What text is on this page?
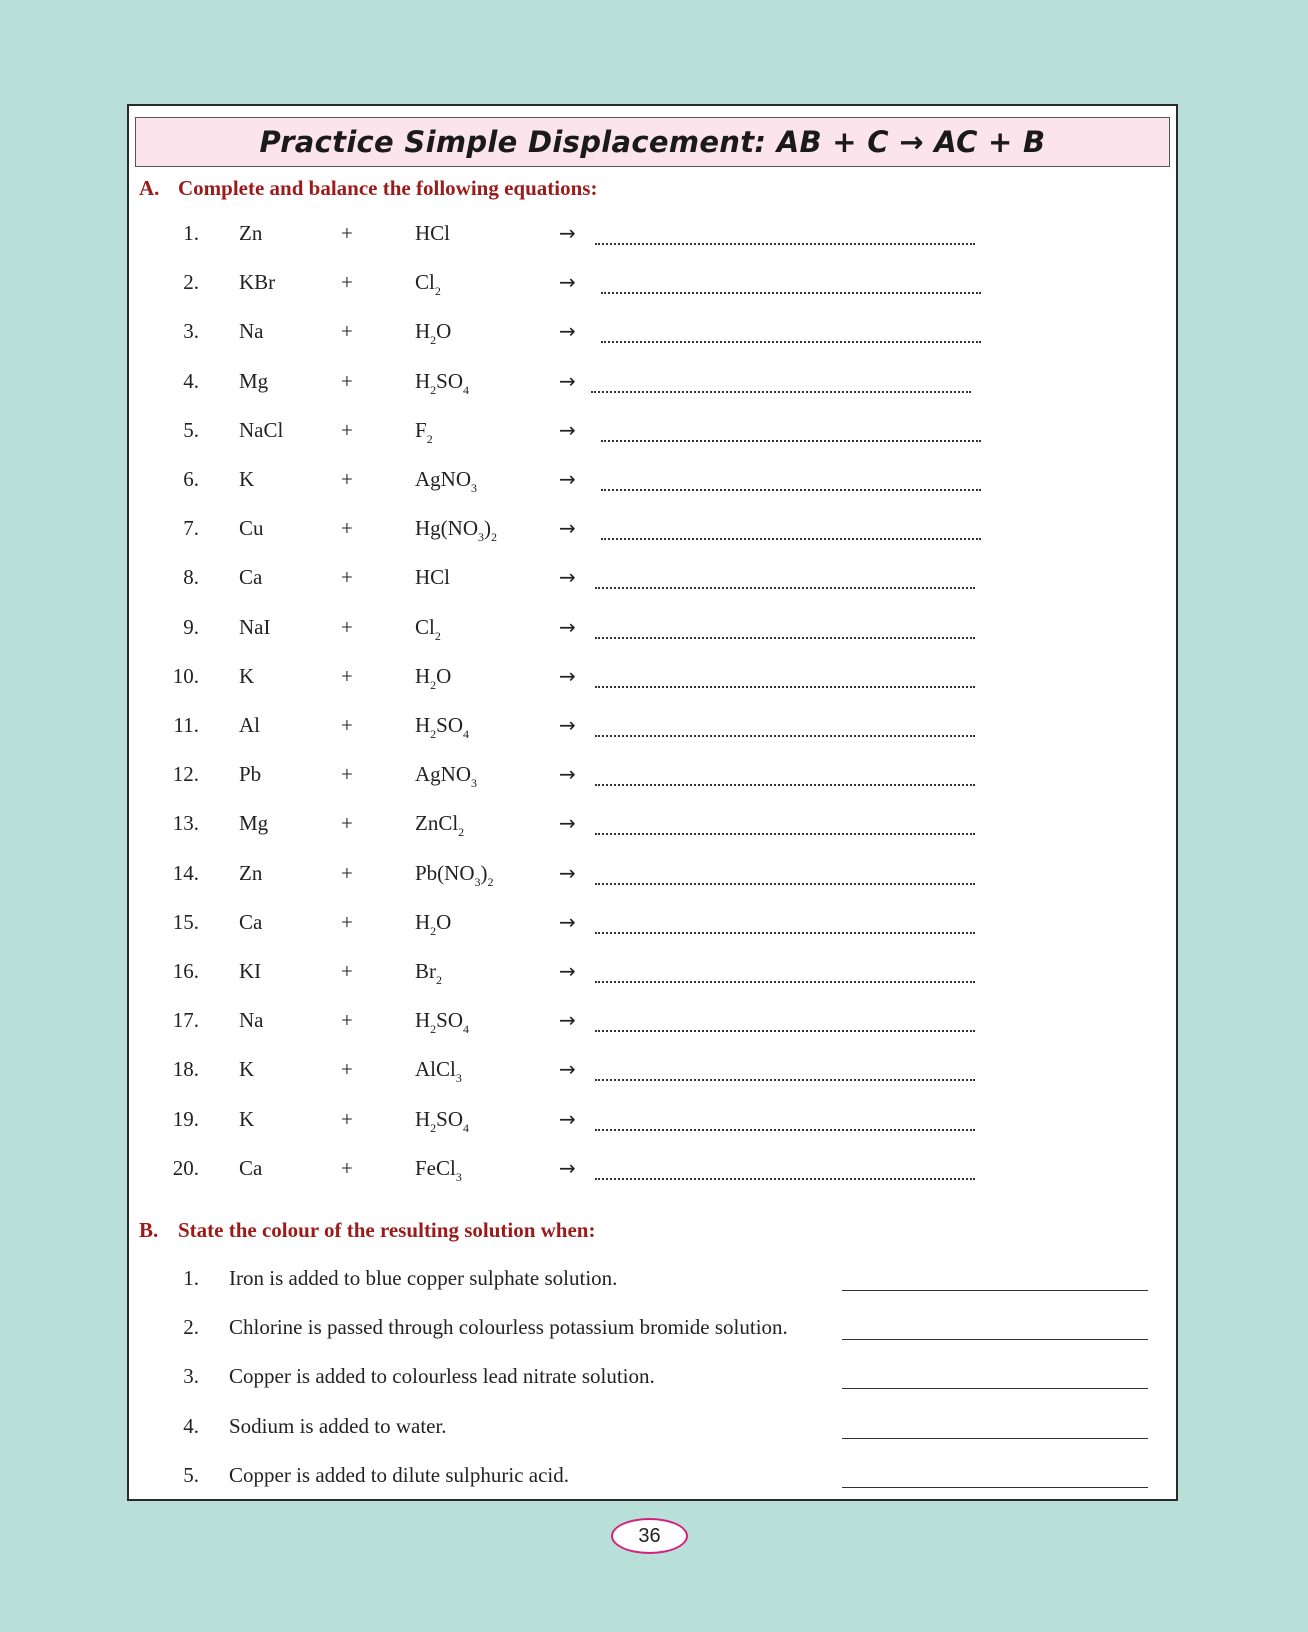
Practice Simple Displacement: AB + C → AC + B
A. Complete and balance the following equations:
1. Zn	+	HCl	→
2. KBr	+	$Cl_2$	→
3. Na	+	$H_2O$	→
4. Mg	+	$H_2SO_4$	→
5. NaCl	+	$F_2$	→
6. K	+	AgNO$_3$	→
7. Cu	+	$Hg(NO_3)_2$	→
8. Ca	+	HCl	→
9. NaI	+	$Cl_2$	→
10. K	+	$H_2O$	→
11. Al	+	$H_2SO_4$	→
12. Pb	+	AgNO$_3$	→
13. Mg	+	ZnCl$_2$	→
14. Zn	+	$Pb(NO_3)_2$	→
15. Ca	+	$H_2O$	→
16. KI	+	$Br_2$	→
17. Na	+	$H_2SO_4$	→
18. K	+	AlCl$_3$	→
19. K	+	$H_2SO_4$	→
20. Ca	+	FeCl$_3$	→
B. State the colour of the resulting solution when:
1. Iron is added to blue copper sulphate solution.
2. Chlorine is passed through colourless potassium bromide solution.
3. Copper is added to colourless lead nitrate solution.
4. Sodium is added to water.
5. Copper is added to dilute sulphuric acid.
36
